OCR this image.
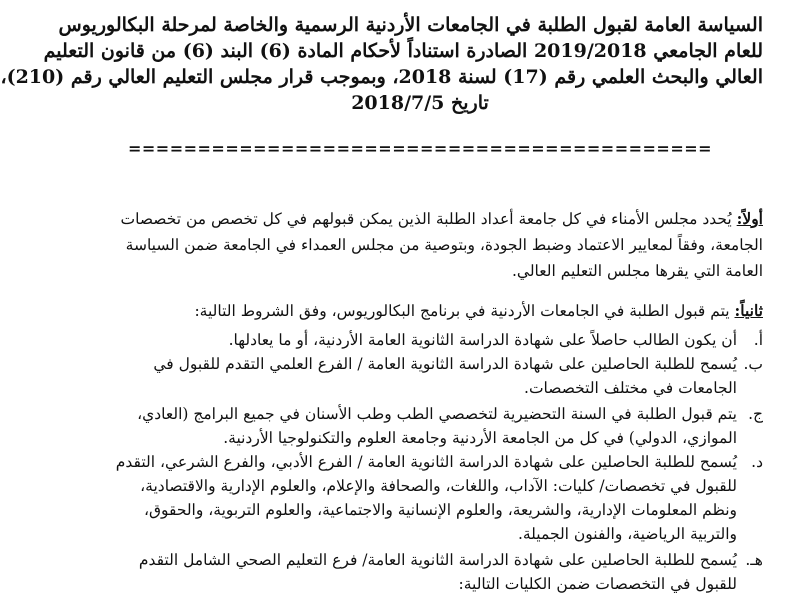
السياسة العامة لقبول الطلبة في الجامعات الأردنية الرسمية والخاصة لمرحلة البكالوريوس
للعام الجامعي 2019/2018 الصادرة استناداً لأحكام المادة (6) البند (6) من قانون التعليم
العالي والبحث العلمي رقم (17) لسنة 2018، وبموجب قرار مجلس التعليم العالي رقم (210)،
تاريخ 2018/7/5
==========================================
أولاً: يُحدد مجلس الأمناء في كل جامعة أعداد الطلبة الذين يمكن قبولهم في كل تخصص من تخصصات
الجامعة، وفقاً لمعايير الاعتماد وضبط الجودة، وبتوصية من مجلس العمداء في الجامعة ضمن السياسة
العامة التي يقرها مجلس التعليم العالي.
ثانياً: يتم قبول الطلبة في الجامعات الأردنية في برنامج البكالوريوس، وفق الشروط التالية:
أ.
أن يكون الطالب حاصلاً على شهادة الدراسة الثانوية العامة الأردنية، أو ما يعادلها.
ب.
يُسمح للطلبة الحاصلين على شهادة الدراسة الثانوية العامة / الفرع العلمي التقدم للقبول في
الجامعات في مختلف التخصصات.
ج.
يتم قبول الطلبة في السنة التحضيرية لتخصصي الطب وطب الأسنان في جميع البرامج (العادي،
الموازي، الدولي) في كل من الجامعة الأردنية وجامعة العلوم والتكنولوجيا الأردنية.
د.
يُسمح للطلبة الحاصلين على شهادة الدراسة الثانوية العامة / الفرع الأدبي، والفرع الشرعي، التقدم
للقبول في تخصصات/ كليات: الآداب، واللغات، والصحافة والإعلام، والعلوم الإدارية والاقتصادية،
ونظم المعلومات الإدارية، والشريعة، والعلوم الإنسانية والاجتماعية، والعلوم التربوية، والحقوق،
والتربية الرياضية، والفنون الجميلة.
هـ.
يُسمح للطلبة الحاصلين على شهادة الدراسة الثانوية العامة/ فرع التعليم الصحي الشامل التقدم
للقبول في التخصصات ضمن الكليات التالية:
